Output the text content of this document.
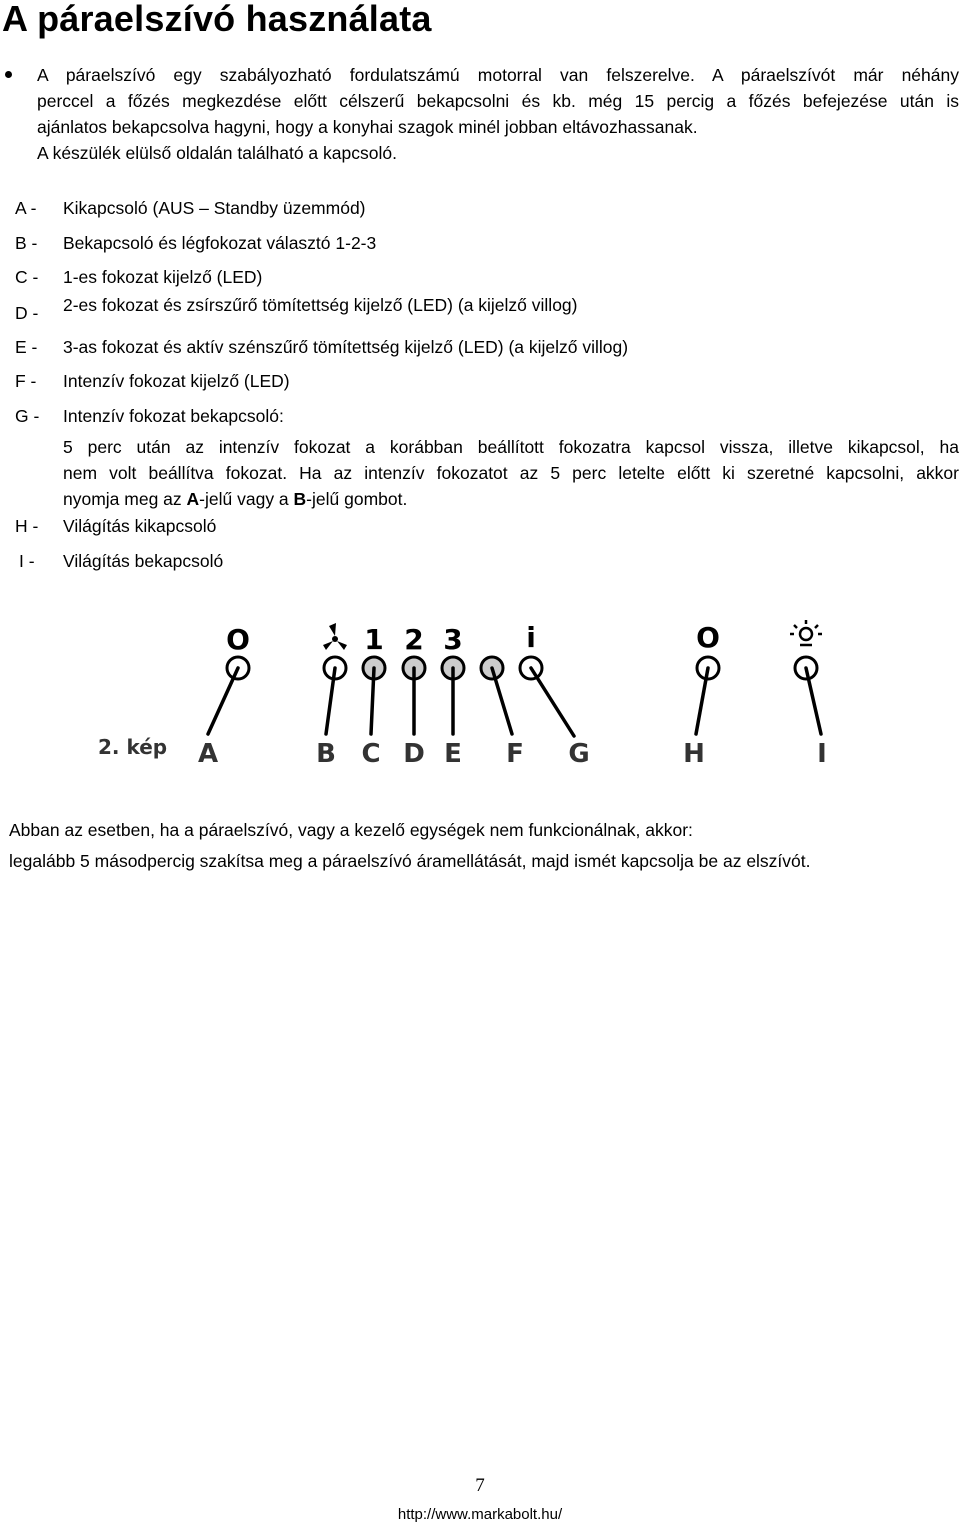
A páraelszívó használata

A páraelszívó egy szabályozható fordulatszámú motorral van felszerelve. A páraelszívót már néhány
perccel a főzés megkezdése előtt célszerű bekapcsolni és kb. még 15 percig a főzés befejezése után is
ajánlatos bekapcsolva hagyni, hogy a konyhai szagok minél jobban eltávozhassanak.
A készülék elülső oldalán található a kapcsoló.

A - Kikapcsoló (AUS – Standby üzemmód)
B - Bekapcsoló és légfokozat választó 1-2-3
C - 1-es fokozat kijelző (LED)
D - 2-es fokozat és zsírszűrő tömítettség kijelző (LED) (a kijelző villog)
E - 3-as fokozat és aktív szénszűrő tömítettség kijelző (LED) (a kijelző villog)
F - Intenzív fokozat kijelző (LED)
G - Intenzív fokozat bekapcsoló:
5 perc után az intenzív fokozat a korábban beállított fokozatra kapcsol vissza, illetve kikapcsol, ha
nem volt beállítva fokozat. Ha az intenzív fokozatot az 5 perc letelte előtt ki szeretné kapcsolni, akkor
nyomja meg az A-jelű vagy a B-jelű gombot.
H - Világítás kikapcsoló
I - Világítás bekapcsoló
O	1 2 3 i	O
2. kép A	B C D E F G	H	I
Abban az esetben, ha a páraelszívó, vagy a kezelő egységek nem funkcionálnak, akkor:
legalább 5 másodpercig szakítsa meg a páraelszívó áramellátását, majd ismét kapcsolja be az elszívót.
7
http://www.markabolt.hu/
